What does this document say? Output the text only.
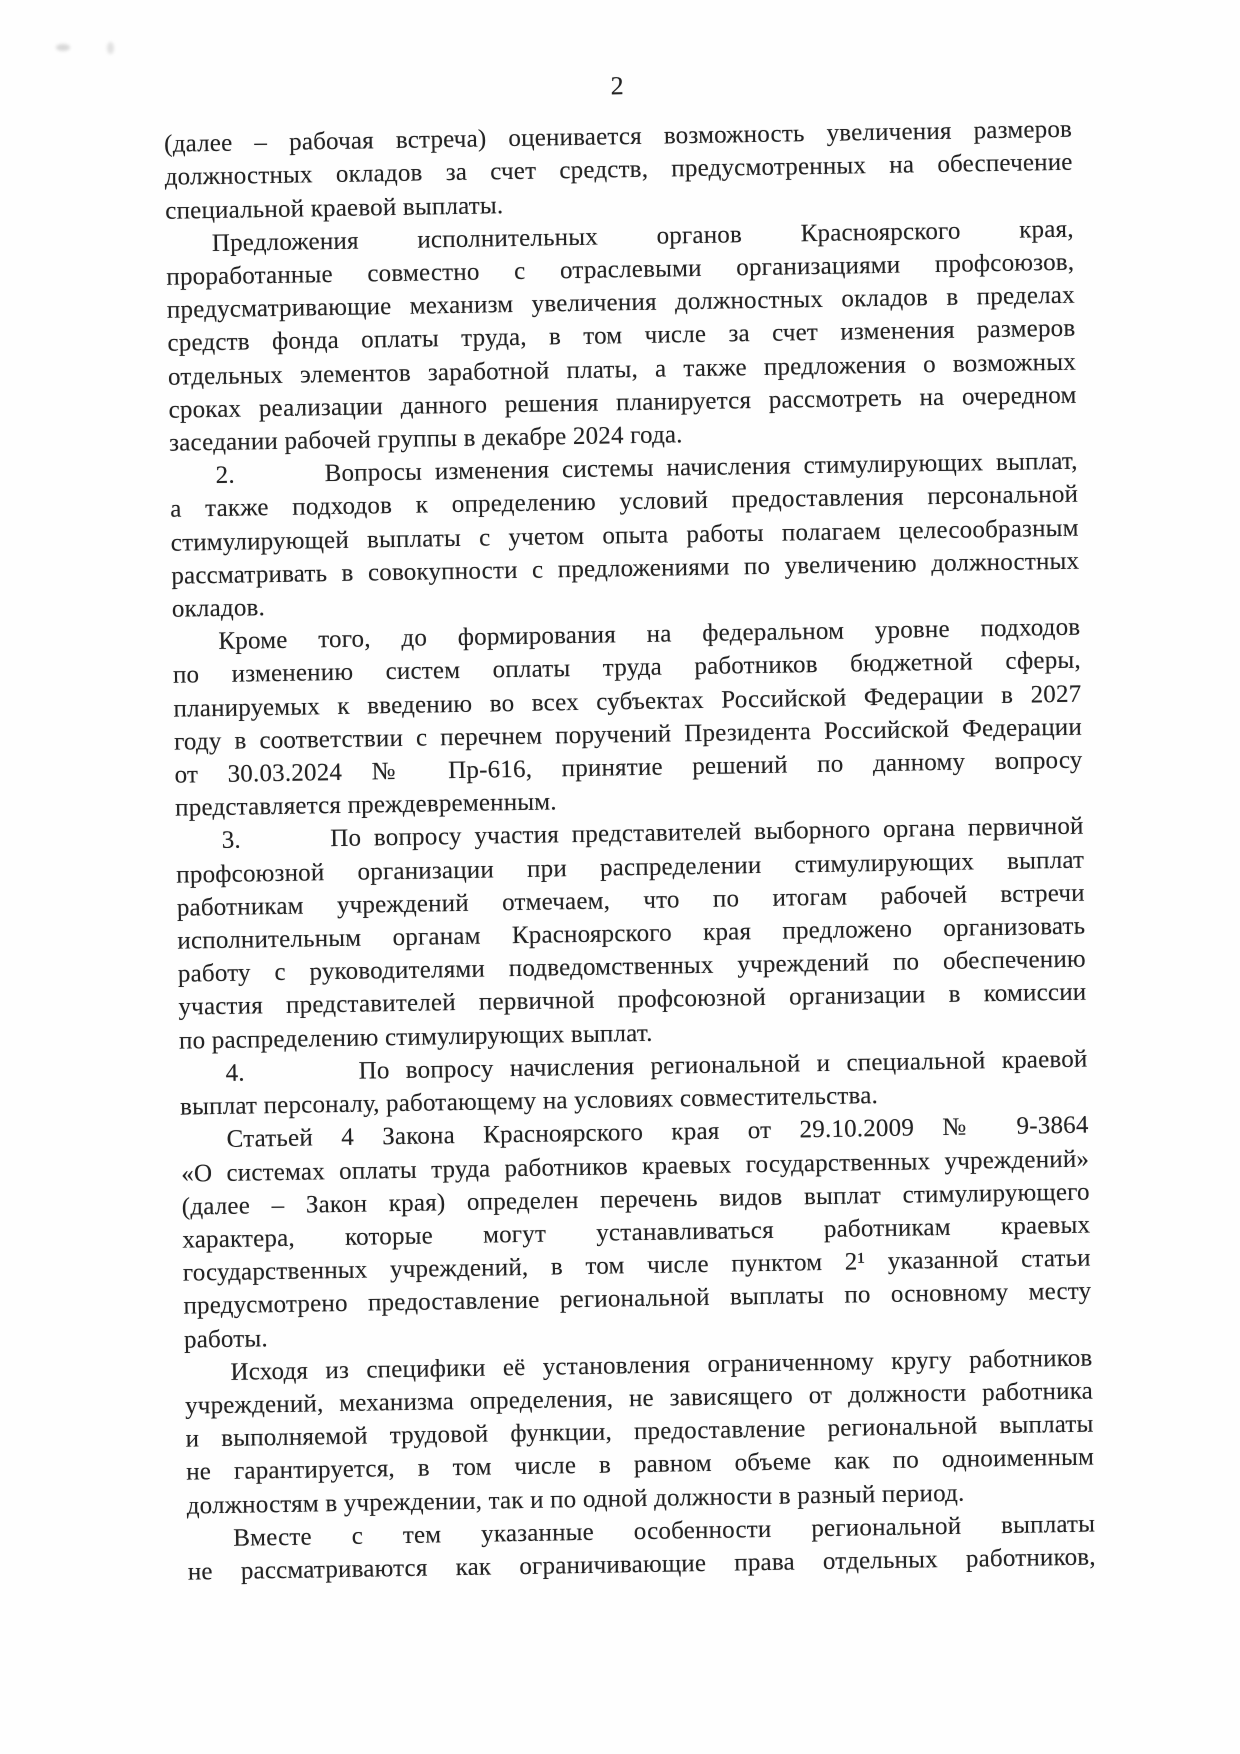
2
(далее – рабочая встреча) оценивается возможность увеличения размеров
должностных окладов за счет средств, предусмотренных на обеспечение
специальной краевой выплаты.
Предложения исполнительных органов Красноярского края,
проработанные совместно с отраслевыми организациями профсоюзов,
предусматривающие механизм увеличения должностных окладов в пределах
средств фонда оплаты труда, в том числе за счет изменения размеров
отдельных элементов заработной платы, а также предложения о возможных
сроках реализации данного решения планируется рассмотреть на очередном
заседании рабочей группы в декабре 2024 года.
2.       Вопросы изменения системы начисления стимулирующих выплат,
а также подходов к определению условий предоставления персональной
стимулирующей выплаты с учетом опыта работы полагаем целесообразным
рассматривать в совокупности с предложениями по увеличению должностных
окладов.
Кроме того, до формирования на федеральном уровне подходов
по изменению систем оплаты труда работников бюджетной сферы,
планируемых к введению во всех субъектах Российской Федерации в 2027
году в соответствии с перечнем поручений Президента Российской Федерации
от 30.03.2024 № Пр-616, принятие решений по данному вопросу
представляется преждевременным.
3.       По вопросу участия представителей выборного органа первичной
профсоюзной организации при распределении стимулирующих выплат
работникам учреждений отмечаем, что по итогам рабочей встречи
исполнительным органам Красноярского края предложено организовать
работу с руководителями подведомственных учреждений по обеспечению
участия представителей первичной профсоюзной организации в комиссии
по распределению стимулирующих выплат.
4.       По вопросу начисления региональной и специальной краевой
выплат персоналу, работающему на условиях совместительства.
Статьей 4 Закона Красноярского края от 29.10.2009 № 9-3864
«О системах оплаты труда работников краевых государственных учреждений»
(далее – Закон края) определен перечень видов выплат стимулирующего
характера, которые могут устанавливаться работникам краевых
государственных учреждений, в том числе пунктом 2¹ указанной статьи
предусмотрено предоставление региональной выплаты по основному месту
работы.
Исходя из специфики её установления ограниченному кругу работников
учреждений, механизма определения, не зависящего от должности работника
и выполняемой трудовой функции, предоставление региональной выплаты
не гарантируется, в том числе в равном объеме как по одноименным
должностям в учреждении, так и по одной должности в разный период.
Вместе с тем указанные особенности региональной выплаты
не рассматриваются как ограничивающие права отдельных работников,
